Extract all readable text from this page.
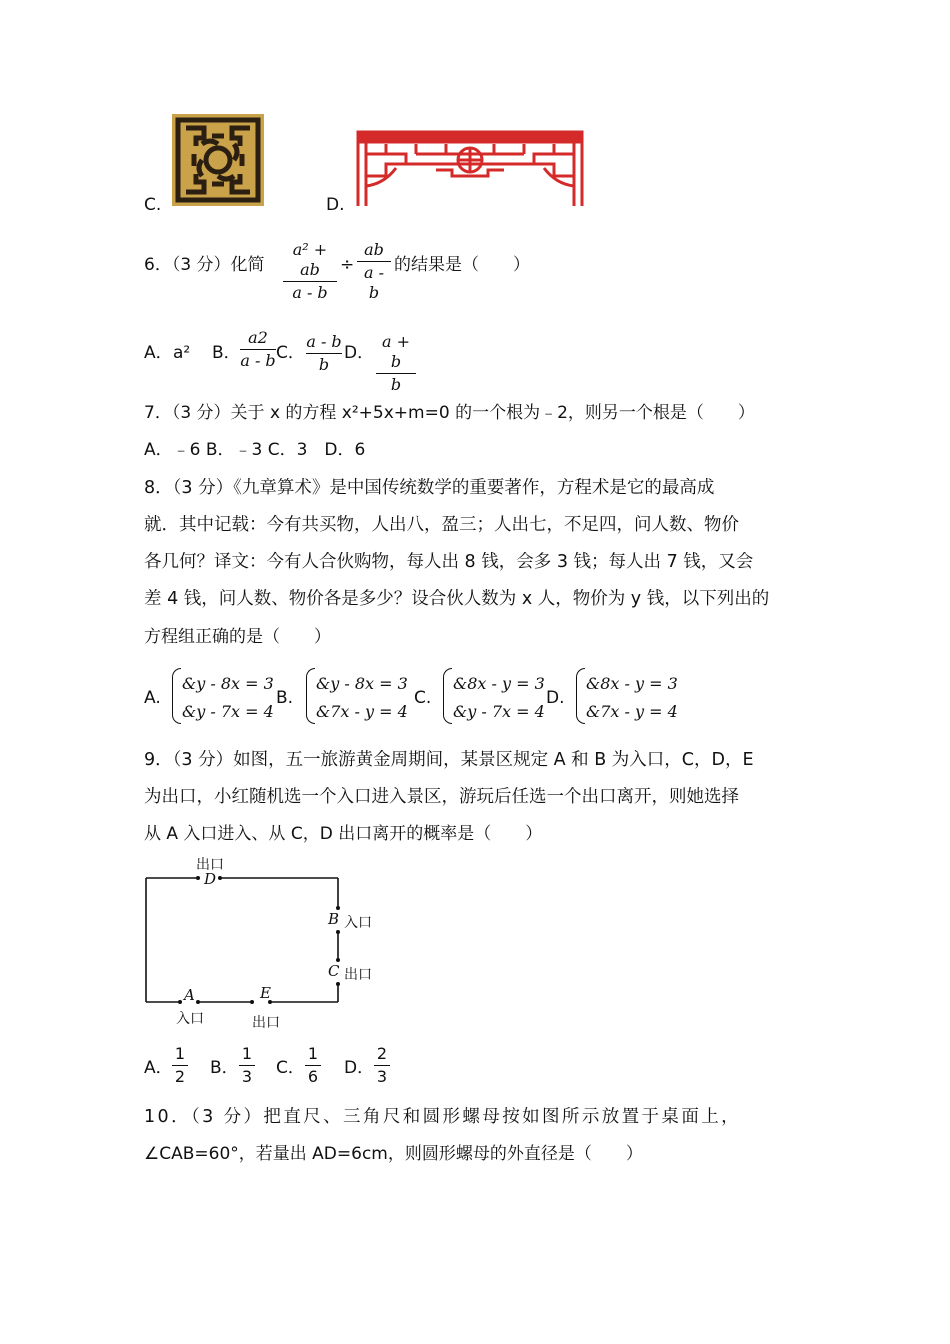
C.	D.
6．（3 分）化简
a² + ab
a - b
÷
ab
a - b
的结果是（　　）
A． a² B．
a2
a - b C．
a - b
b
D．
a + b
b
7．（3 分）关于 x 的方程 x²+5x+m=0 的一个根为﹣2，则另一个根是（　　）
A．﹣6 B．﹣3 C．3　D．6
8．（3 分）《九章算术》是中国传统数学的重要著作，方程术是它的最高成
就．其中记载：今有共买物，人出八，盈三；人出七，不足四，问人数、物价
各几何？译文：今有人合伙购物，每人出 8 钱，会多 3 钱；每人出 7 钱，又会
差 4 钱，问人数、物价各是多少？设合伙人数为 x 人，物价为 y 钱，以下列出的
方程组正确的是（　　）
A.
&y - 8x = 3
&y - 7x = 4
B.
&y - 8x = 3
&7x - y = 4
C.
&8x - y = 3
&y - 7x = 4
D.
&8x - y = 3
&7x - y = 4
9．（3 分）如图，五一旅游黄金周期间，某景区规定 A 和 B 为入口，C，D，E
为出口，小红随机选一个入口进入景区，游玩后任选一个出口离开，则她选择
从 A 入口进入、从 C，D 出口离开的概率是（　　）
出口
D
B 入口
C 出口
A
入口
E
出口
A．
1
2 B．
1
3 C．
1
6 D．
2
3
10．（3 分）把直尺、三角尺和圆形螺母按如图所示放置于桌面上，
∠CAB=60°，若量出 AD=6cm，则圆形螺母的外直径是（　　）
